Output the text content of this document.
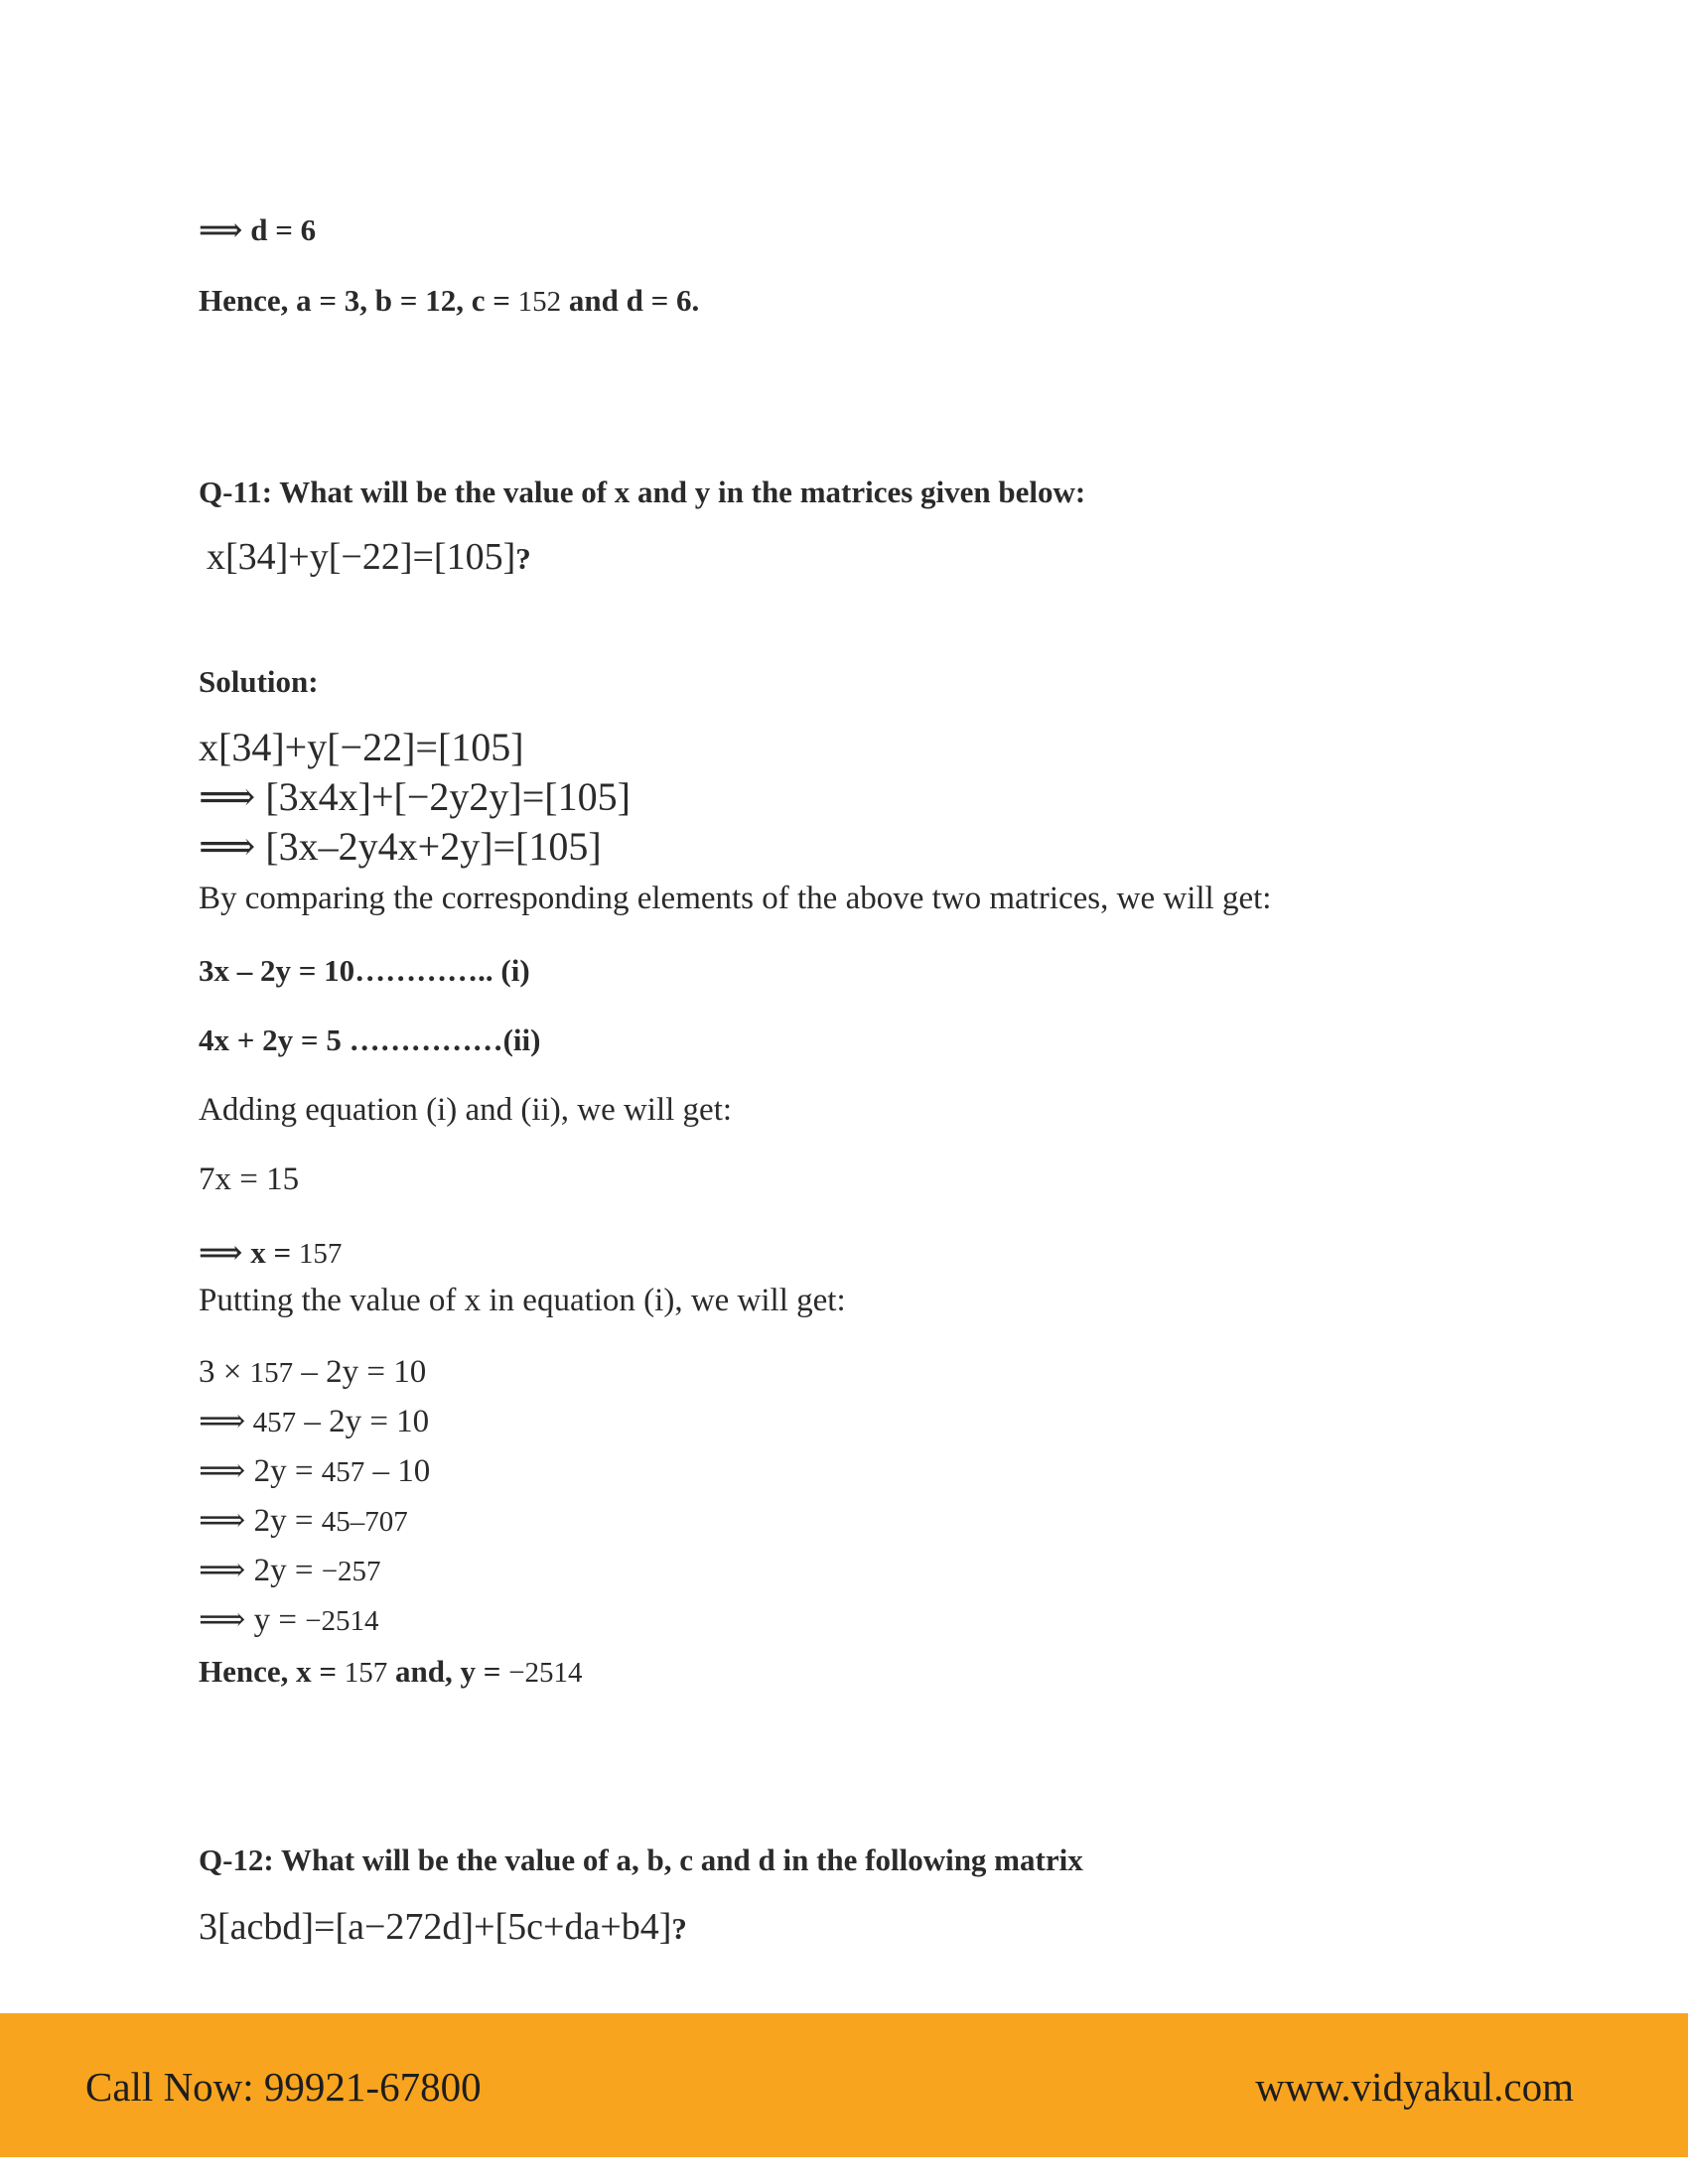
⟹ d = 6
Hence, a = 3, b = 12, c = 152 and d = 6.
Q-11: What will be the value of x and y in the matrices given below:
x[34]+y[−22]=[105]?
Solution:
x[34]+y[−22]=[105]
⟹ [3x4x]+[−2y2y]=[105]
⟹ [3x–2y4x+2y]=[105]
By comparing the corresponding elements of the above two matrices, we will get:
3x – 2y = 10………….. (i)
4x + 2y = 5 ……………(ii)
Adding equation (i) and (ii), we will get:
7x = 15
⟹ x = 157
Putting the value of x in equation (i), we will get:
3 × 157 – 2y = 10
⟹ 457 – 2y = 10
⟹ 2y = 457 – 10
⟹ 2y = 45–707
⟹ 2y = −257
⟹ y = −2514
Hence, x = 157 and, y = −2514
Q-12: What will be the value of a, b, c and d in the following matrix
3[acbd]=[a−272d]+[5c+da+b4]?
Call Now: 99921-67800	www.vidyakul.com
